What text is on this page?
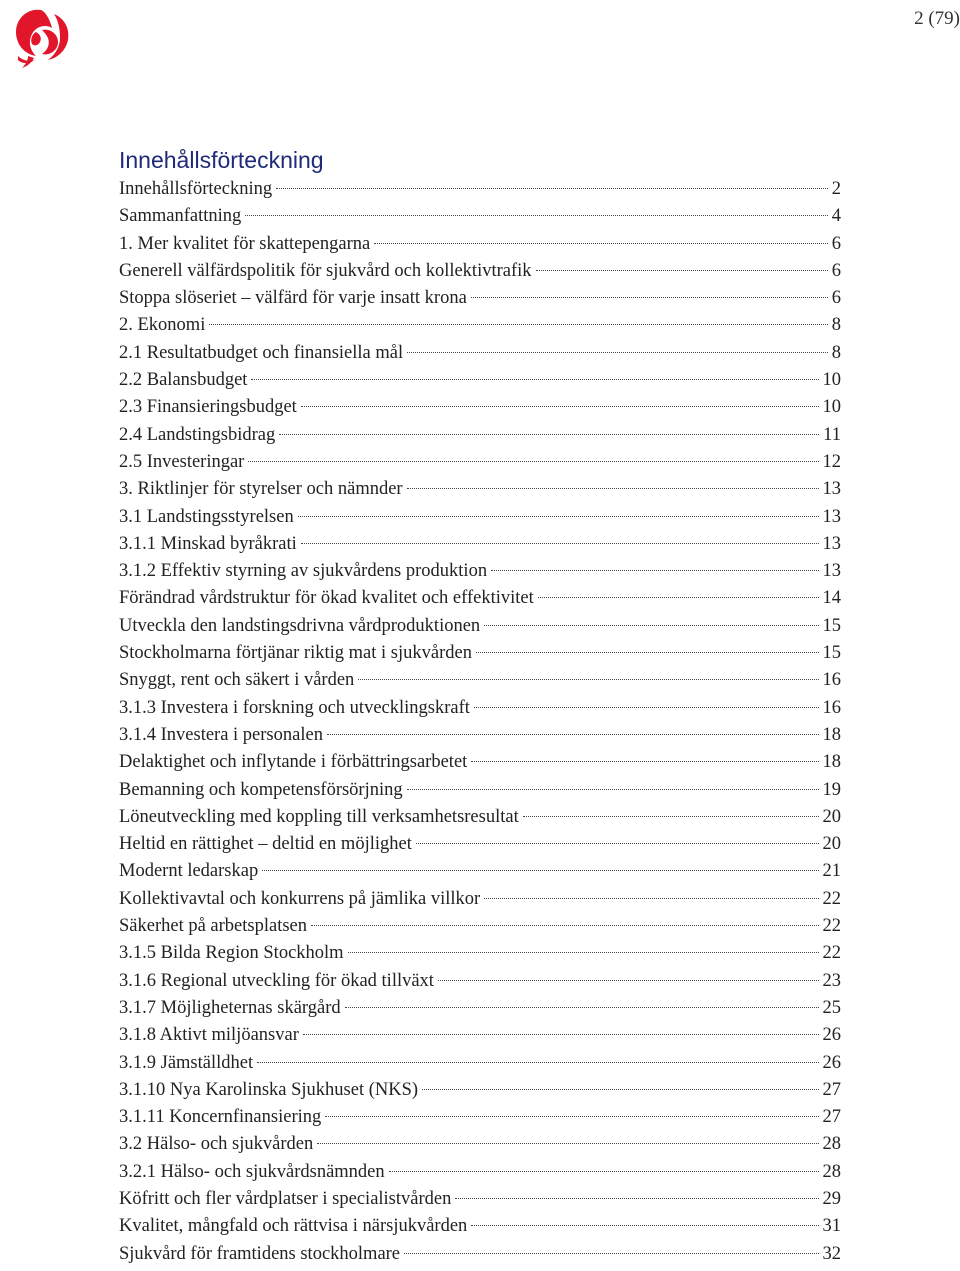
2 (79)
Innehållsförteckning
Innehållsförteckning	2
Sammanfattning	4
1. Mer kvalitet för skattepengarna	6
Generell välfärdspolitik för sjukvård och kollektivtrafik	6
Stoppa slöseriet – välfärd för varje insatt krona	6
2. Ekonomi	8
2.1 Resultatbudget och finansiella mål	8
2.2 Balansbudget	10
2.3 Finansieringsbudget	10
2.4 Landstingsbidrag	11
2.5 Investeringar	12
3. Riktlinjer för styrelser och nämnder	13
3.1 Landstingsstyrelsen	13
3.1.1 Minskad byråkrati	13
3.1.2 Effektiv styrning av sjukvårdens produktion	13
Förändrad vårdstruktur för ökad kvalitet och effektivitet	14
Utveckla den landstingsdrivna vårdproduktionen	15
Stockholmarna förtjänar riktig mat i sjukvården	15
Snyggt, rent och säkert i vården	16
3.1.3 Investera i forskning och utvecklingskraft	16
3.1.4 Investera i personalen	18
Delaktighet och inflytande i förbättringsarbetet	18
Bemanning och kompetensförsörjning	19
Löneutveckling med koppling till verksamhetsresultat	20
Heltid en rättighet – deltid en möjlighet	20
Modernt ledarskap	21
Kollektivavtal och konkurrens på jämlika villkor	22
Säkerhet på arbetsplatsen	22
3.1.5 Bilda Region Stockholm	22
3.1.6 Regional utveckling för ökad tillväxt	23
3.1.7 Möjligheternas skärgård	25
3.1.8 Aktivt miljöansvar	26
3.1.9 Jämställdhet	26
3.1.10 Nya Karolinska Sjukhuset (NKS)	27
3.1.11 Koncernfinansiering	27
3.2 Hälso- och sjukvården	28
3.2.1 Hälso- och sjukvårdsnämnden	28
Köfritt och fler vårdplatser i specialistvården	29
Kvalitet, mångfald och rättvisa i närsjukvården	31
Sjukvård för framtidens stockholmare	32
